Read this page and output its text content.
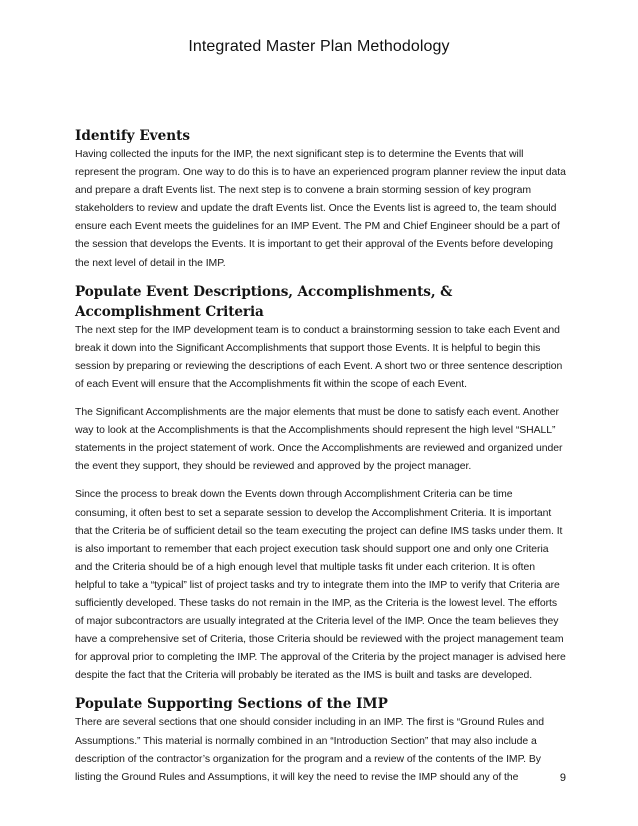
Integrated Master Plan Methodology
Identify Events

Having collected the inputs for the IMP, the next significant step is to determine the Events that will represent the program. One way to do this is to have an experienced program planner review the input data and prepare a draft Events list. The next step is to convene a brain storming session of key program stakeholders to review and update the draft Events list. Once the Events list is agreed to, the team should ensure each Event meets the guidelines for an IMP Event. The PM and Chief Engineer should be a part of the session that develops the Events. It is important to get their approval of the Events before developing the next level of detail in the IMP.

Populate Event Descriptions, Accomplishments, & Accomplishment Criteria

The next step for the IMP development team is to conduct a brainstorming session to take each Event and break it down into the Significant Accomplishments that support those Events. It is helpful to begin this session by preparing or reviewing the descriptions of each Event. A short two or three sentence description of each Event will ensure that the Accomplishments fit within the scope of each Event.

The Significant Accomplishments are the major elements that must be done to satisfy each event. Another way to look at the Accomplishments is that the Accomplishments should represent the high level “SHALL” statements in the project statement of work. Once the Accomplishments are reviewed and organized under the event they support, they should be reviewed and approved by the project manager.

Since the process to break down the Events down through Accomplishment Criteria can be time consuming, it often best to set a separate session to develop the Accomplishment Criteria. It is important that the Criteria be of sufficient detail so the team executing the project can define IMS tasks under them. It is also important to remember that each project execution task should support one and only one Criteria and the Criteria should be of a high enough level that multiple tasks fit under each criterion. It is often helpful to take a “typical” list of project tasks and try to integrate them into the IMP to verify that Criteria are sufficiently developed. These tasks do not remain in the IMP, as the Criteria is the lowest level. The efforts of major subcontractors are usually integrated at the Criteria level of the IMP. Once the team believes they have a comprehensive set of Criteria, those Criteria should be reviewed with the project management team for approval prior to completing the IMP. The approval of the Criteria by the project manager is advised here despite the fact that the Criteria will probably be iterated as the IMS is built and tasks are developed.

Populate Supporting Sections of the IMP

There are several sections that one should consider including in an IMP. The first is “Ground Rules and Assumptions.” This material is normally combined in an “Introduction Section” that may also include a description of the contractor’s organization for the program and a review of the contents of the IMP. By listing the Ground Rules and Assumptions, it will key the need to revise the IMP should any of the	9
